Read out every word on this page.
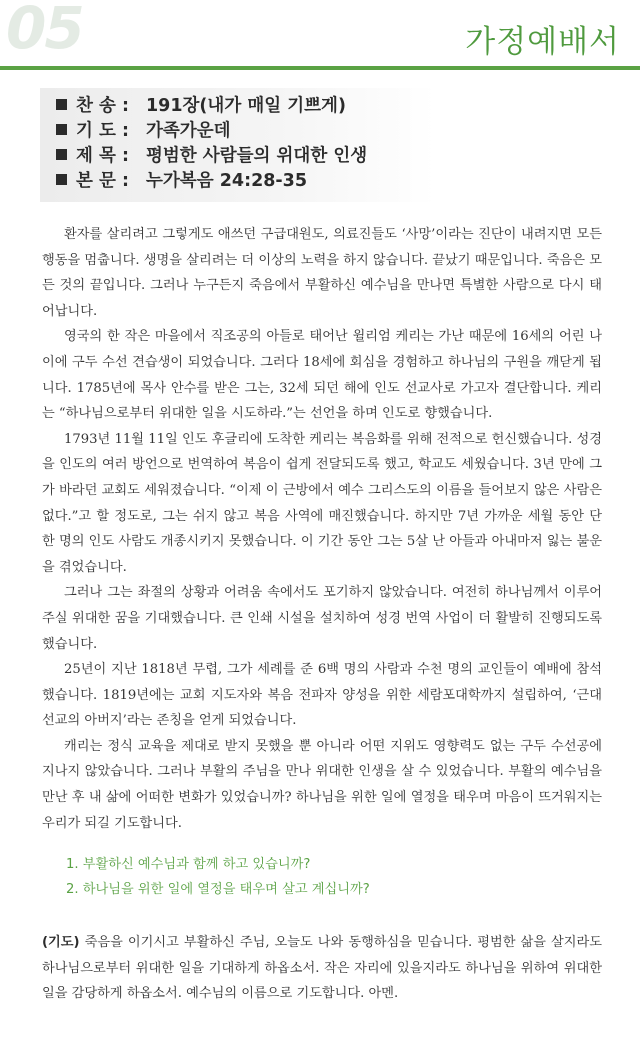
05	가정예배서
찬 송 : 191장(내가 매일 기쁘게)
기 도 : 가족가운데
제 목 : 평범한 사람들의 위대한 인생
본 문 : 누가복음 24:28-35

환자를 살리려고 그렇게도 애쓰던 구급대원도, 의료진들도 ‘사망’이라는 진단이 내려지면 모든 행동을 멈춥니다. 생명을 살리려는 더 이상의 노력을 하지 않습니다. 끝났기 때문입니다. 죽음은 모든 것의 끝입니다. 그러나 누구든지 죽음에서 부활하신 예수님을 만나면 특별한 사람으로 다시 태어납니다.

영국의 한 작은 마을에서 직조공의 아들로 태어난 윌리엄 케리는 가난 때문에 16세의 어린 나이에 구두 수선 견습생이 되었습니다. 그러다 18세에 회심을 경험하고 하나님의 구원을 깨닫게 됩니다. 1785년에 목사 안수를 받은 그는, 32세 되던 해에 인도 선교사로 가고자 결단합니다. 케리는 “하나님으로부터 위대한 일을 시도하라.”는 선언을 하며 인도로 향했습니다.

1793년 11월 11일 인도 후글리에 도착한 케리는 복음화를 위해 전적으로 헌신했습니다. 성경을 인도의 여러 방언으로 번역하여 복음이 쉽게 전달되도록 했고, 학교도 세웠습니다. 3년 만에 그가 바라던 교회도 세워졌습니다. “이제 이 근방에서 예수 그리스도의 이름을 들어보지 않은 사람은 없다.”고 할 정도로, 그는 쉬지 않고 복음 사역에 매진했습니다. 하지만 7년 가까운 세월 동안 단 한 명의 인도 사람도 개종시키지 못했습니다. 이 기간 동안 그는 5살 난 아들과 아내마저 잃는 불운을 겪었습니다.

그러나 그는 좌절의 상황과 어려움 속에서도 포기하지 않았습니다. 여전히 하나님께서 이루어주실 위대한 꿈을 기대했습니다. 큰 인쇄 시설을 설치하여 성경 번역 사업이 더 활발히 진행되도록 했습니다.

25년이 지난 1818년 무렵, 그가 세례를 준 6백 명의 사람과 수천 명의 교인들이 예배에 참석했습니다. 1819년에는 교회 지도자와 복음 전파자 양성을 위한 세람포대학까지 설립하여, ‘근대 선교의 아버지’라는 존칭을 얻게 되었습니다.

캐리는 정식 교육을 제대로 받지 못했을 뿐 아니라 어떤 지위도 영향력도 없는 구두 수선공에 지나지 않았습니다. 그러나 부활의 주님을 만나 위대한 인생을 살 수 있었습니다. 부활의 예수님을 만난 후 내 삶에 어떠한 변화가 있었습니까? 하나님을 위한 일에 열정을 태우며 마음이 뜨거워지는 우리가 되길 기도합니다.

1. 부활하신 예수님과 함께 하고 있습니까?
2. 하나님을 위한 일에 열정을 태우며 살고 계십니까?

(기도) 죽음을 이기시고 부활하신 주님, 오늘도 나와 동행하심을 믿습니다. 평범한 삶을 살지라도 하나님으로부터 위대한 일을 기대하게 하옵소서. 작은 자리에 있을지라도 하나님을 위하여 위대한 일을 감당하게 하옵소서. 예수님의 이름으로 기도합니다. 아멘.
